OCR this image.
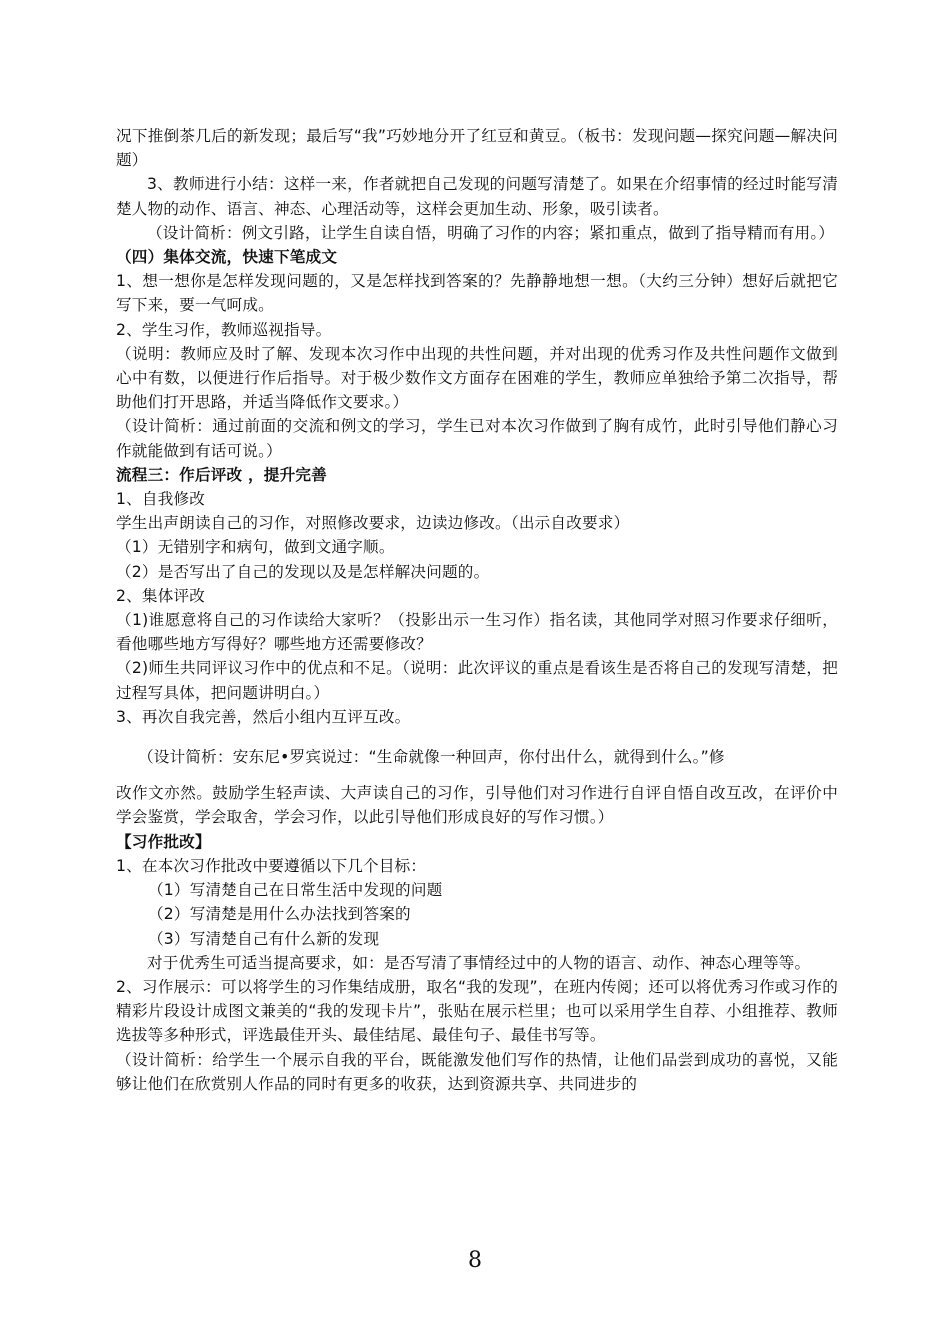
况下推倒茶几后的新发现；最后写“我”巧妙地分开了红豆和黄豆。（板书：发现问题—探究问题—解决问题）

3、教师进行小结：这样一来，作者就把自己发现的问题写清楚了。如果在介绍事情的经过时能写清楚人物的动作、语言、神态、心理活动等，这样会更加生动、形象，吸引读者。

（设计简析：例文引路，让学生自读自悟，明确了习作的内容；紧扣重点，做到了指导精而有用。）

（四）集体交流，快速下笔成文

1、想一想你是怎样发现问题的，又是怎样找到答案的？先静静地想一想。（大约三分钟）想好后就把它写下来，要一气呵成。

2、学生习作，教师巡视指导。

（说明：教师应及时了解、发现本次习作中出现的共性问题，并对出现的优秀习作及共性问题作文做到心中有数，以便进行作后指导。对于极少数作文方面存在困难的学生，教师应单独给予第二次指导，帮助他们打开思路，并适当降低作文要求。）

（设计简析：通过前面的交流和例文的学习，学生已对本次习作做到了胸有成竹，此时引导他们静心习作就能做到有话可说。）

流程三：作后评改 ，提升完善

1、自我修改

学生出声朗读自己的习作，对照修改要求，边读边修改。（出示自改要求）

（1）无错别字和病句，做到文通字顺。

（2）是否写出了自己的发现以及是怎样解决问题的。

2、集体评改

（1)谁愿意将自己的习作读给大家听？（投影出示一生习作）指名读，其他同学对照习作要求仔细听，看他哪些地方写得好？哪些地方还需要修改？

（2)师生共同评议习作中的优点和不足。（说明：此次评议的重点是看该生是否将自己的发现写清楚，把过程写具体，把问题讲明白。）

3、再次自我完善，然后小组内互评互改。

（设计简析：安东尼•罗宾说过：“生命就像一种回声，你付出什么，就得到什么。”修

改作文亦然。鼓励学生轻声读、大声读自己的习作，引导他们对习作进行自评自悟自改互改，在评价中学会鉴赏，学会取舍，学会习作，以此引导他们形成良好的写作习惯。）

【习作批改】

1、在本次习作批改中要遵循以下几个目标：

（1）写清楚自己在日常生活中发现的问题

（2）写清楚是用什么办法找到答案的

（3）写清楚自己有什么新的发现

对于优秀生可适当提高要求，如：是否写清了事情经过中的人物的语言、动作、神态心理等等。

2、习作展示：可以将学生的习作集结成册，取名“我的发现”，在班内传阅；还可以将优秀习作或习作的精彩片段设计成图文兼美的“我的发现卡片”，张贴在展示栏里；也可以采用学生自荐、小组推荐、教师选拔等多种形式，评选最佳开头、最佳结尾、最佳句子、最佳书写等。

（设计简析：给学生一个展示自我的平台，既能激发他们写作的热情，让他们品尝到成功的喜悦，又能够让他们在欣赏别人作品的同时有更多的收获，达到资源共享、共同进步的

8
